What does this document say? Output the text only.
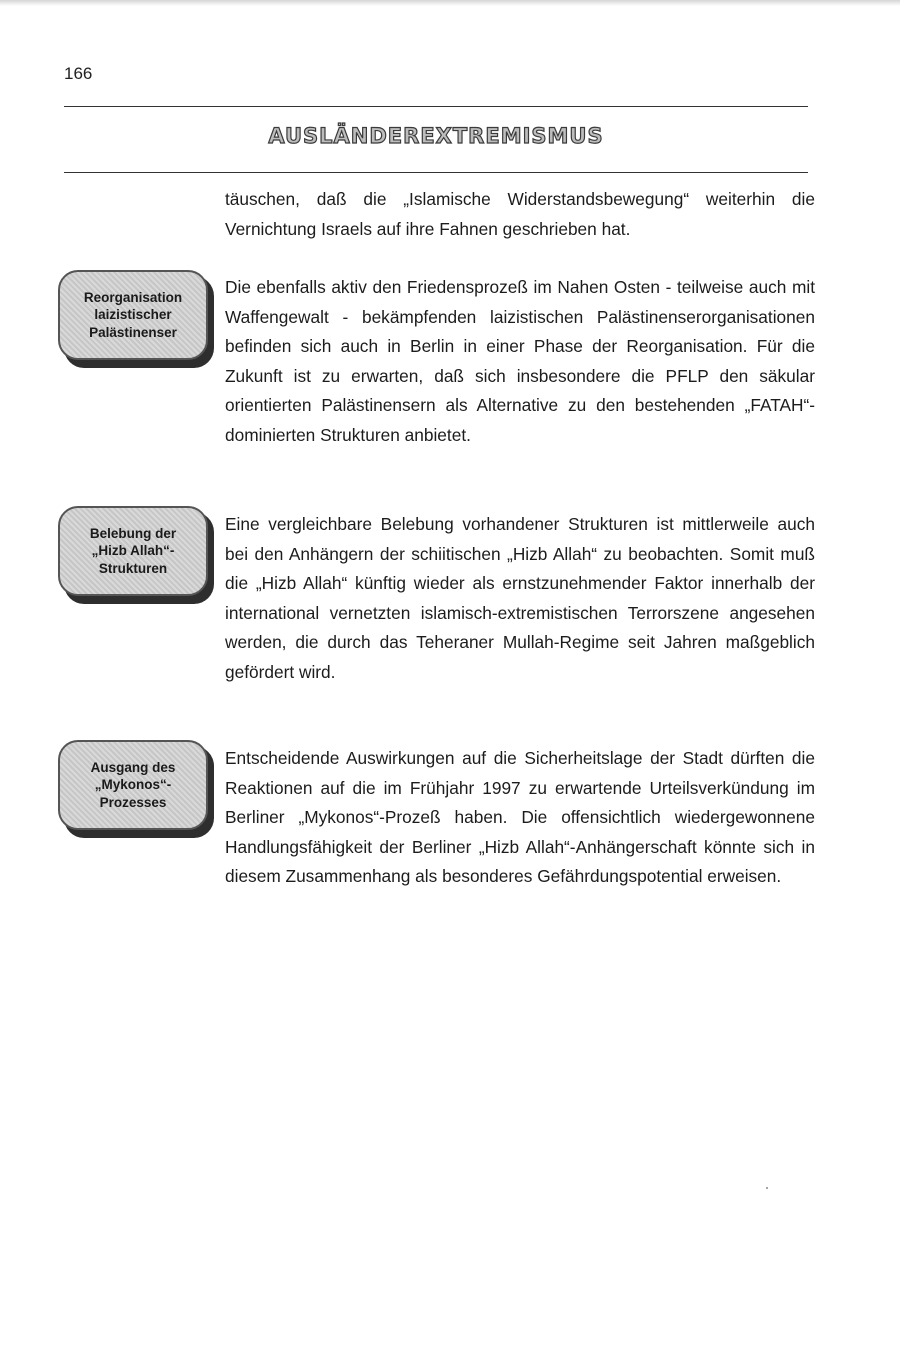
166
AUSLÄNDEREXTREMISMUS

täuschen, daß die „Islamische Widerstandsbewegung“ weiterhin die Vernichtung Israels auf ihre Fahnen geschrieben hat.

Reorganisation
laizistischer
Palästinenser

Die ebenfalls aktiv den Friedensprozeß im Nahen Osten - teilweise auch mit Waffengewalt - bekämpfenden laizistischen Palästinenserorganisationen befinden sich auch in Berlin in einer Phase der Reorganisation. Für die Zukunft ist zu erwarten, daß sich insbesondere die PFLP den säkular orientierten Palästinensern als Alternative zu den bestehenden „FATAH“-dominierten Strukturen anbietet.

Belebung der
„Hizb Allah“-
Strukturen

Eine vergleichbare Belebung vorhandener Strukturen ist mittlerweile auch bei den Anhängern der schiitischen „Hizb Allah“ zu beobachten. Somit muß die „Hizb Allah“ künftig wieder als ernstzunehmender Faktor innerhalb der international vernetzten islamisch-extremistischen Terrorszene angesehen werden, die durch das Teheraner Mullah-Regime seit Jahren maßgeblich gefördert wird.

Ausgang des
„Mykonos“-
Prozesses

Entscheidende Auswirkungen auf die Sicherheitslage der Stadt dürften die Reaktionen auf die im Frühjahr 1997 zu erwartende Urteilsverkündung im Berliner „Mykonos“-Prozeß haben. Die offensichtlich wiedergewonnene Handlungsfähigkeit der Berliner „Hizb Allah“-Anhängerschaft könnte sich in diesem Zusammenhang als besonderes Gefährdungspotential erweisen.
